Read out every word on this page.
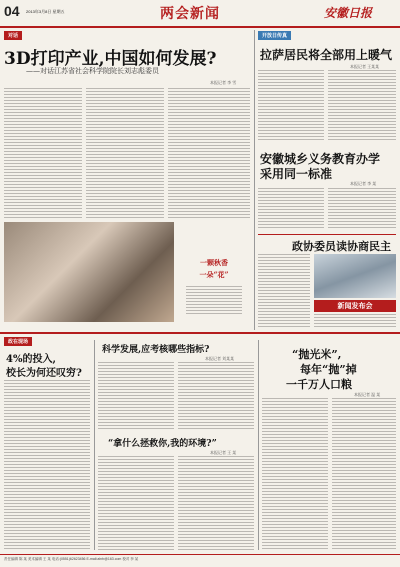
04 2013年3月8日 星期五	两会新闻	安徽日报
对话
3D打印产业,中国如何发展?
——对话江苏省社会科学院院长刘志彪委员
本报记者 李 雪
一颗秋香
一朵“花”
开放日传真
拉萨居民将全部用上暖气
本报记者 王某某
安徽城乡义务教育办学
采用同一标准
本报记者 李 某
政协委员读协商民主
新闻发布会
政在现场
4%的投入,
校长为何还叹穷?
科学发展,应考核哪些指标?
本报记者 刘某某
“拿什么拯救你,我的环境?”
本报记者 王 某
“抛光米”,
每年“抛”掉
一千万人口粮
本报记者 温 某
责任编辑 陈 某 美术编辑 王 某 电话:(0551)62623456 E-mail:ahrb@163.com 校对 李 某
